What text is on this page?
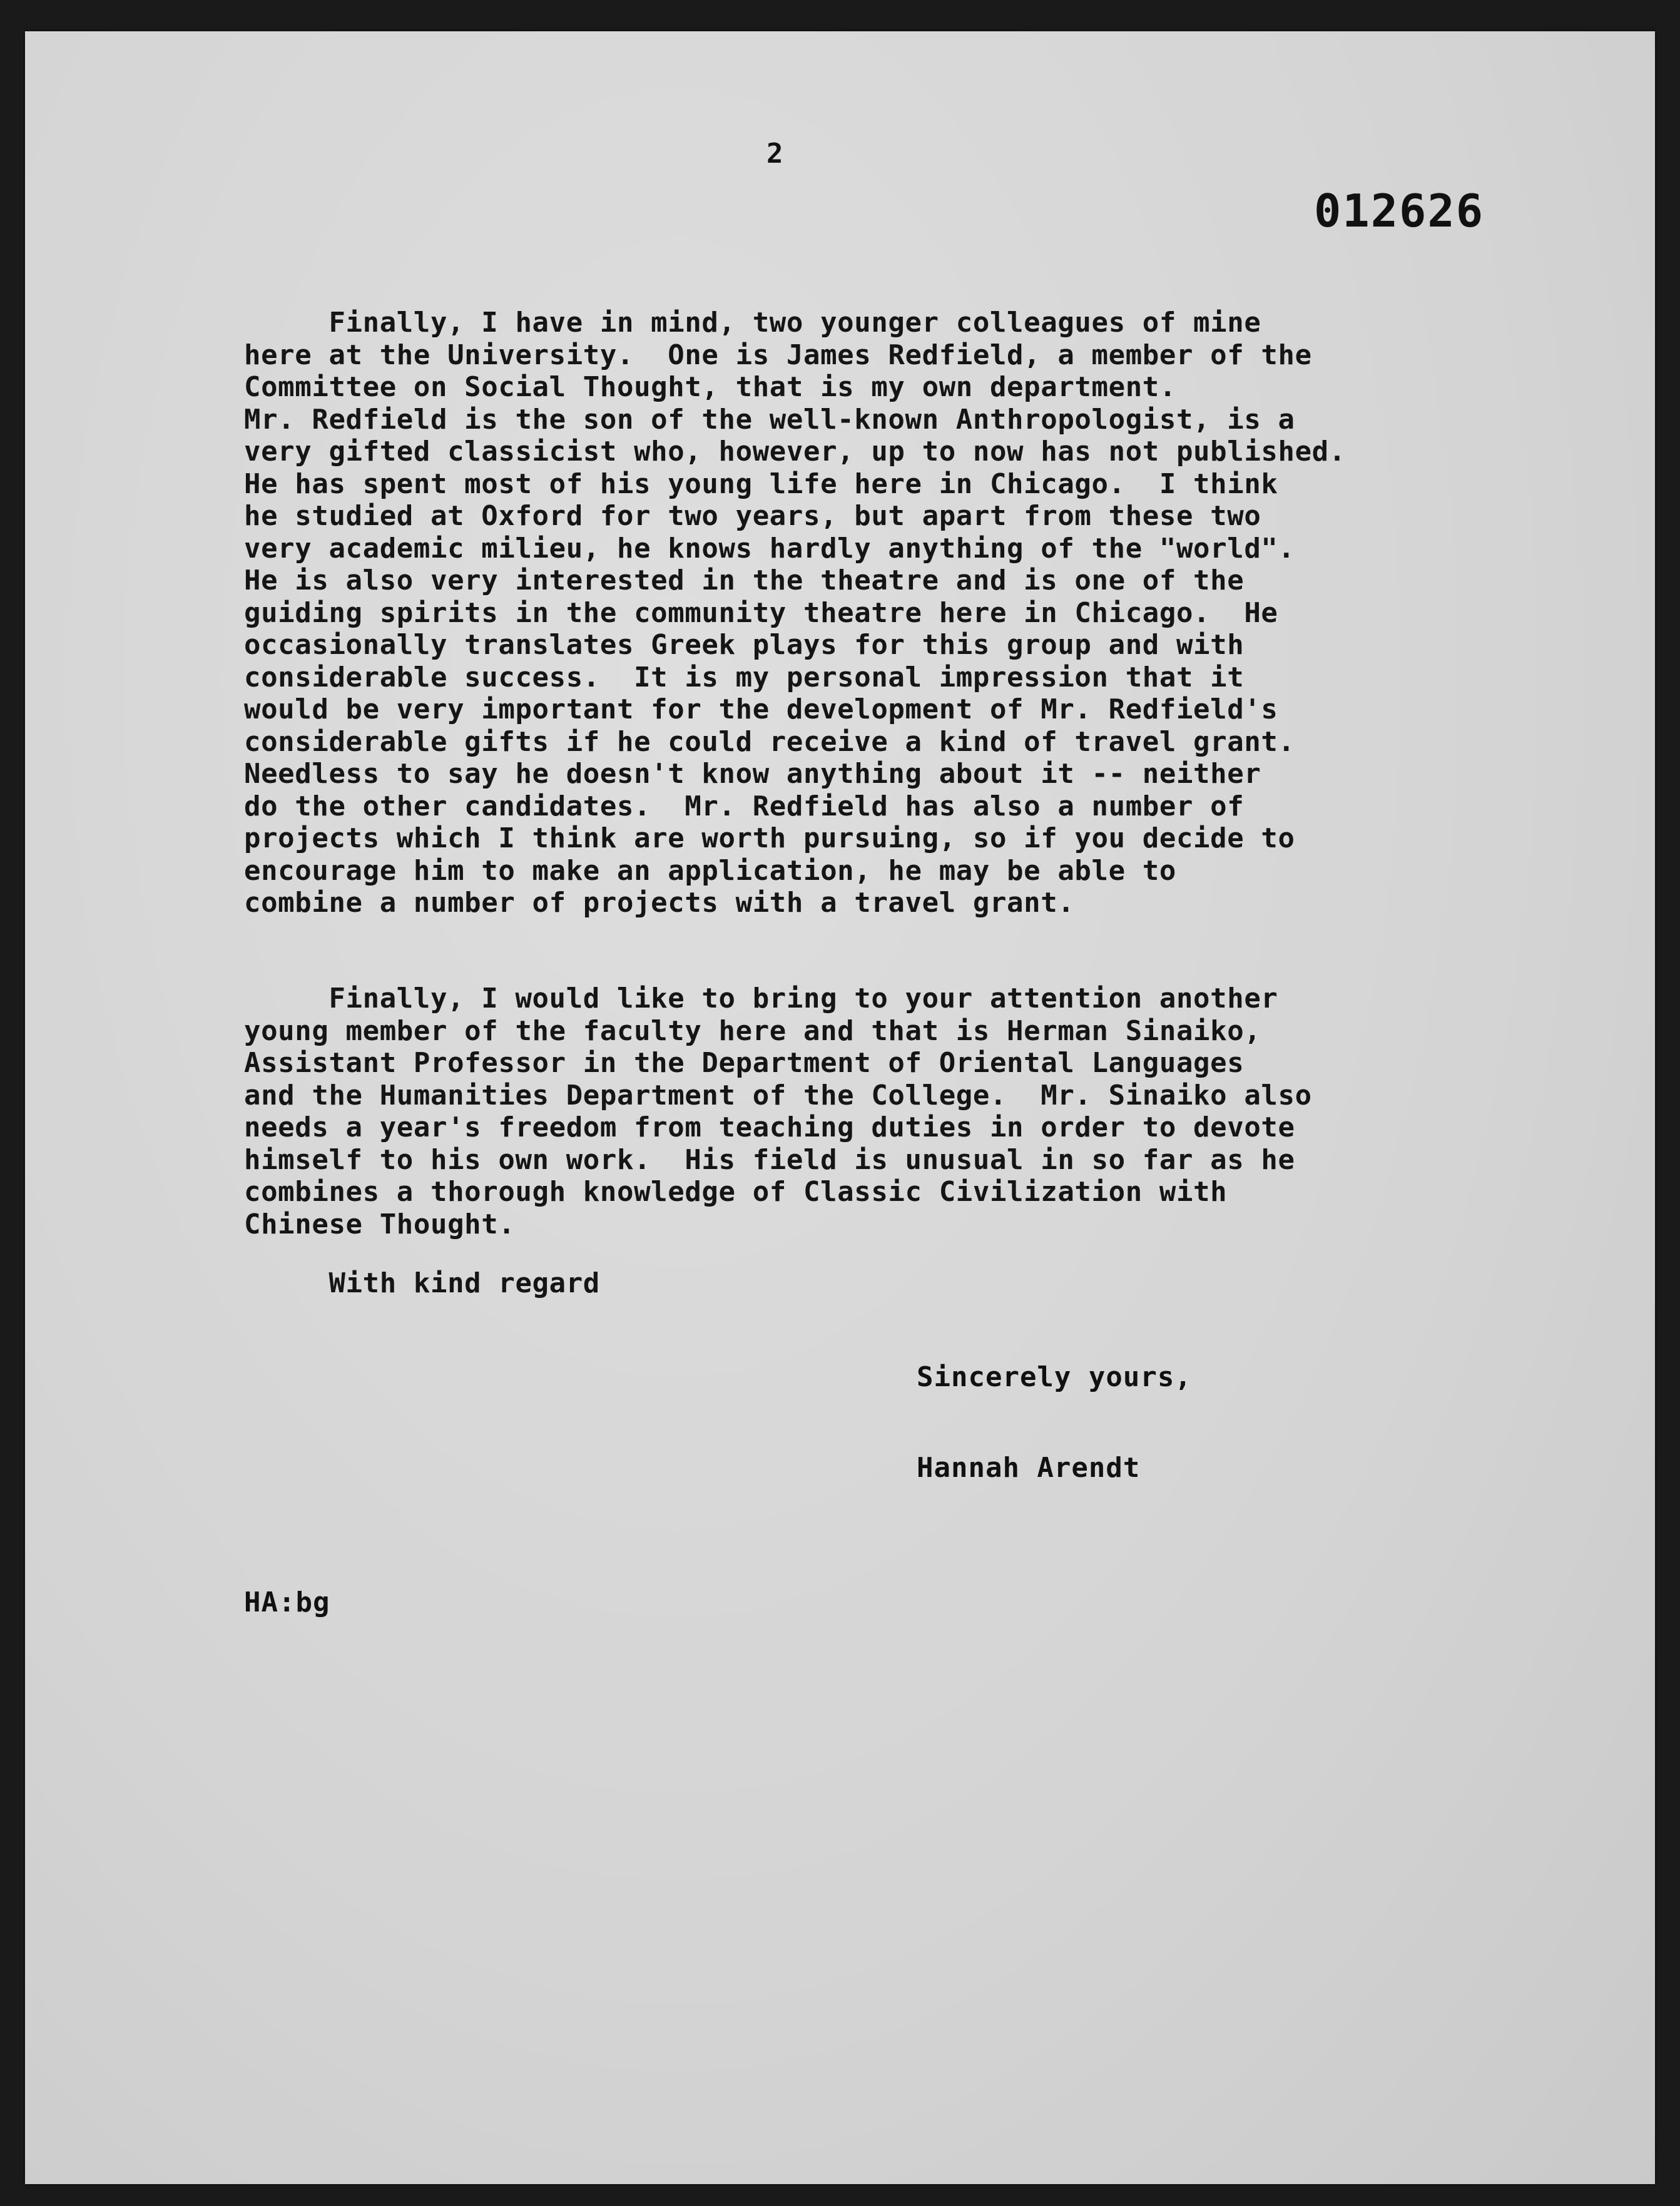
2
012626
Finally, I have in mind, two younger colleagues of mine
here at the University.  One is James Redfield, a member of the
Committee on Social Thought, that is my own department.
Mr. Redfield is the son of the well-known Anthropologist, is a
very gifted classicist who, however, up to now has not published.
He has spent most of his young life here in Chicago.  I think
he studied at Oxford for two years, but apart from these two
very academic milieu, he knows hardly anything of the "world".
He is also very interested in the theatre and is one of the
guiding spirits in the community theatre here in Chicago.  He
occasionally translates Greek plays for this group and with
considerable success.  It is my personal impression that it
would be very important for the development of Mr. Redfield's
considerable gifts if he could receive a kind of travel grant.
Needless to say he doesn't know anything about it -- neither
do the other candidates.  Mr. Redfield has also a number of
projects which I think are worth pursuing, so if you decide to
encourage him to make an application, he may be able to
combine a number of projects with a travel grant.
Finally, I would like to bring to your attention another
young member of the faculty here and that is Herman Sinaiko,
Assistant Professor in the Department of Oriental Languages
and the Humanities Department of the College.  Mr. Sinaiko also
needs a year's freedom from teaching duties in order to devote
himself to his own work.  His field is unusual in so far as he
combines a thorough knowledge of Classic Civilization with
Chinese Thought.
With kind regard
Sincerely yours,
Hannah Arendt
HA:bg
